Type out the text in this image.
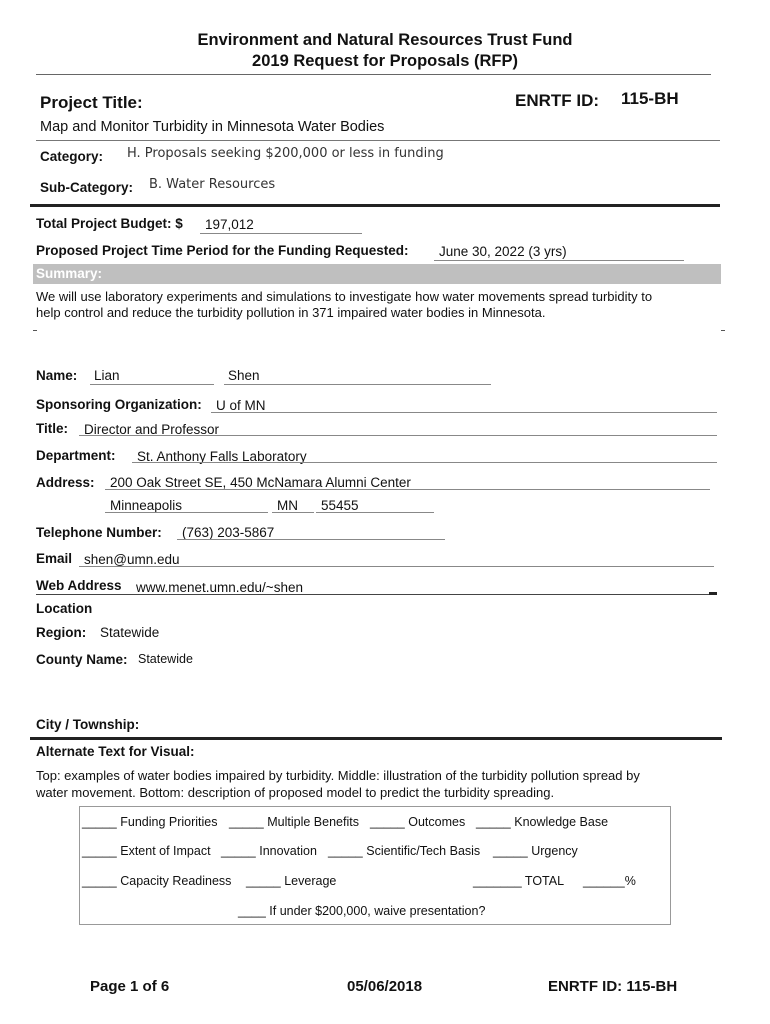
Environment and Natural Resources Trust Fund
2019 Request for Proposals (RFP)
Project Title:	ENRTF ID: 115-BH
Map and Monitor Turbidity in Minnesota Water Bodies
Category: H. Proposals seeking $200,000 or less in funding
Sub-Category: B. Water Resources
Total Project Budget: $ 197,012
Proposed Project Time Period for the Funding Requested: June 30, 2022 (3 yrs)
Summary:
We will use laboratory experiments and simulations to investigate how water movements spread turbidity to
help control and reduce the turbidity pollution in 371 impaired water bodies in Minnesota.
Name: Lian	Shen
Sponsoring Organization: U of MN
Title: Director and Professor
Department: St. Anthony Falls Laboratory
Address: 200 Oak Street SE, 450 McNamara Alumni Center
Minneapolis	MN 55455
Telephone Number: (763) 203-5867
Email shen@umn.edu
Web Address www.menet.umn.edu/~shen
Location
Region: Statewide
County Name: Statewide
City / Township:
Alternate Text for Visual:
Top: examples of water bodies impaired by turbidity. Middle: illustration of the turbidity pollution spread by
water movement. Bottom: description of proposed model to predict the turbidity spreading.
_____ Funding Priorities _____ Multiple Benefits _____ Outcomes _____ Knowledge Base
_____ Extent of Impact _____ Innovation _____ Scientific/Tech Basis _____ Urgency
_____ Capacity Readiness _____ Leverage	_______ TOTAL ______%
____ If under $200,000, waive presentation?
Page 1 of 6	05/06/2018	ENRTF ID: 115-BH
